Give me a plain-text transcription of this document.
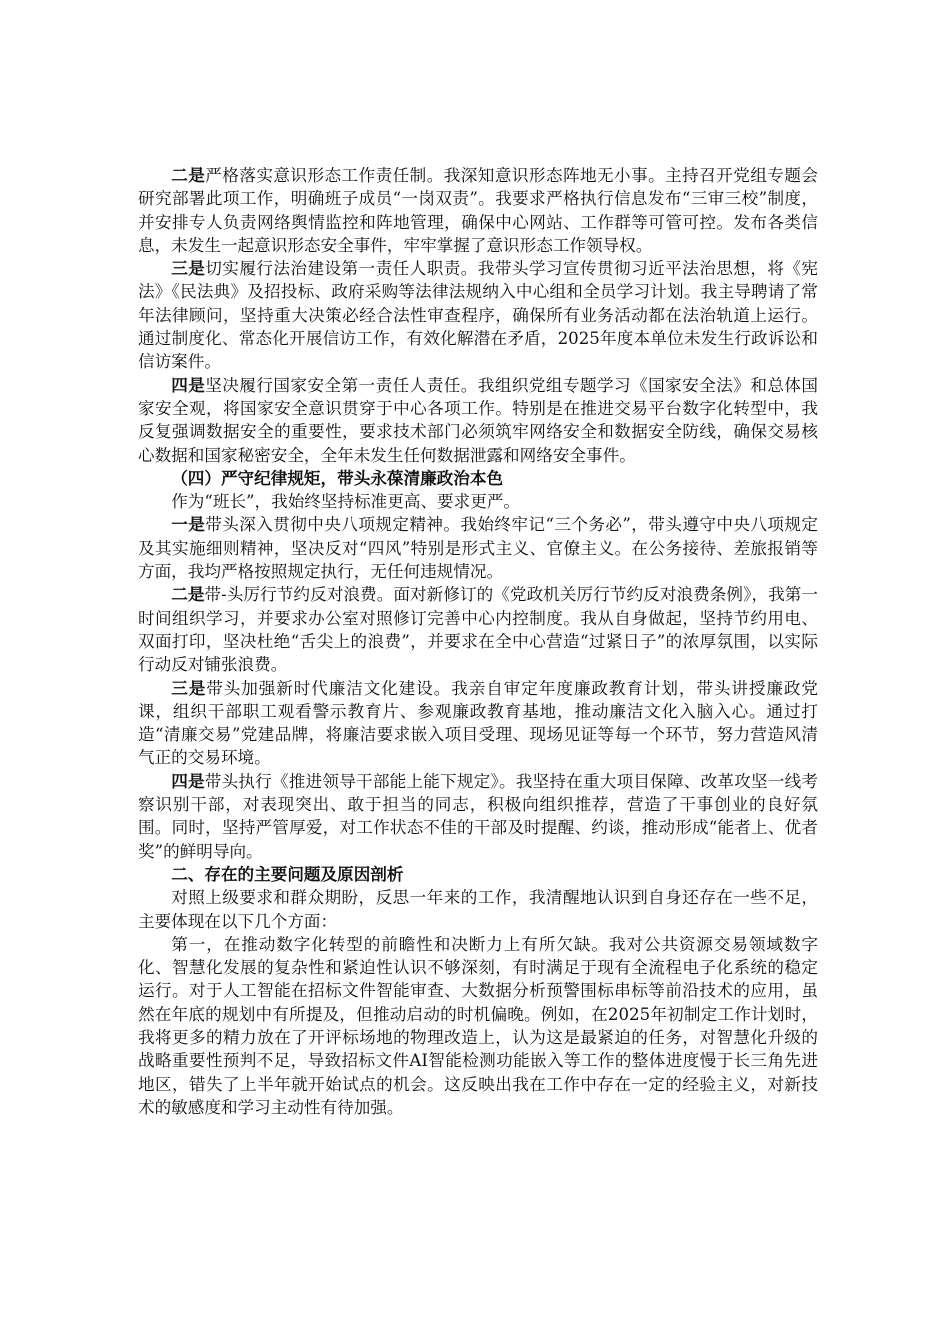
二是严格落实意识形态工作责任制。我深知意识形态阵地无小事。主持召开党组专题会研究部署此项工作，明确班子成员“一岗双责”。我要求严格执行信息发布“三审三校”制度，并安排专人负责网络舆情监控和阵地管理，确保中心网站、工作群等可管可控。发布各类信息，未发生一起意识形态安全事件，牢牢掌握了意识形态工作领导权。

三是切实履行法治建设第一责任人职责。我带头学习宣传贯彻习近平法治思想，将《宪法》《民法典》及招投标、政府采购等法律法规纳入中心组和全员学习计划。我主导聘请了常年法律顾问，坚持重大决策必经合法性审查程序，确保所有业务活动都在法治轨道上运行。通过制度化、常态化开展信访工作，有效化解潜在矛盾，2025年度本单位未发生行政诉讼和信访案件。

四是坚决履行国家安全第一责任人责任。我组织党组专题学习《国家安全法》和总体国家安全观，将国家安全意识贯穿于中心各项工作。特别是在推进交易平台数字化转型中，我反复强调数据安全的重要性，要求技术部门必须筑牢网络安全和数据安全防线，确保交易核心数据和国家秘密安全，全年未发生任何数据泄露和网络安全事件。

（四）严守纪律规矩，带头永葆清廉政治本色

作为“班长”，我始终坚持标准更高、要求更严。

一是带头深入贯彻中央八项规定精神。我始终牢记“三个务必”，带头遵守中央八项规定及其实施细则精神，坚决反对“四风”特别是形式主义、官僚主义。在公务接待、差旅报销等方面，我均严格按照规定执行，无任何违规情况。

二是带-头厉行节约反对浪费。面对新修订的《党政机关厉行节约反对浪费条例》，我第一时间组织学习，并要求办公室对照修订完善中心内控制度。我从自身做起，坚持节约用电、双面打印，坚决杜绝“舌尖上的浪费”，并要求在全中心营造“过紧日子”的浓厚氛围，以实际行动反对铺张浪费。

三是带头加强新时代廉洁文化建设。我亲自审定年度廉政教育计划，带头讲授廉政党课，组织干部职工观看警示教育片、参观廉政教育基地，推动廉洁文化入脑入心。通过打造“清廉交易”党建品牌，将廉洁要求嵌入项目受理、现场见证等每一个环节，努力营造风清气正的交易环境。

四是带头执行《推进领导干部能上能下规定》。我坚持在重大项目保障、改革攻坚一线考察识别干部，对表现突出、敢于担当的同志，积极向组织推荐，营造了干事创业的良好氛围。同时，坚持严管厚爱，对工作状态不佳的干部及时提醒、约谈，推动形成“能者上、优者奖”的鲜明导向。

二、存在的主要问题及原因剖析

对照上级要求和群众期盼，反思一年来的工作，我清醒地认识到自身还存在一些不足，主要体现在以下几个方面：

第一，在推动数字化转型的前瞻性和决断力上有所欠缺。我对公共资源交易领域数字化、智慧化发展的复杂性和紧迫性认识不够深刻，有时满足于现有全流程电子化系统的稳定运行。对于人工智能在招标文件智能审查、大数据分析预警围标串标等前沿技术的应用，虽然在年底的规划中有所提及，但推动启动的时机偏晚。例如，在2025年初制定工作计划时，我将更多的精力放在了开评标场地的物理改造上，认为这是最紧迫的任务，对智慧化升级的战略重要性预判不足，导致招标文件AI智能检测功能嵌入等工作的整体进度慢于长三角先进地区，错失了上半年就开始试点的机会。这反映出我在工作中存在一定的经验主义，对新技术的敏感度和学习主动性有待加强。
